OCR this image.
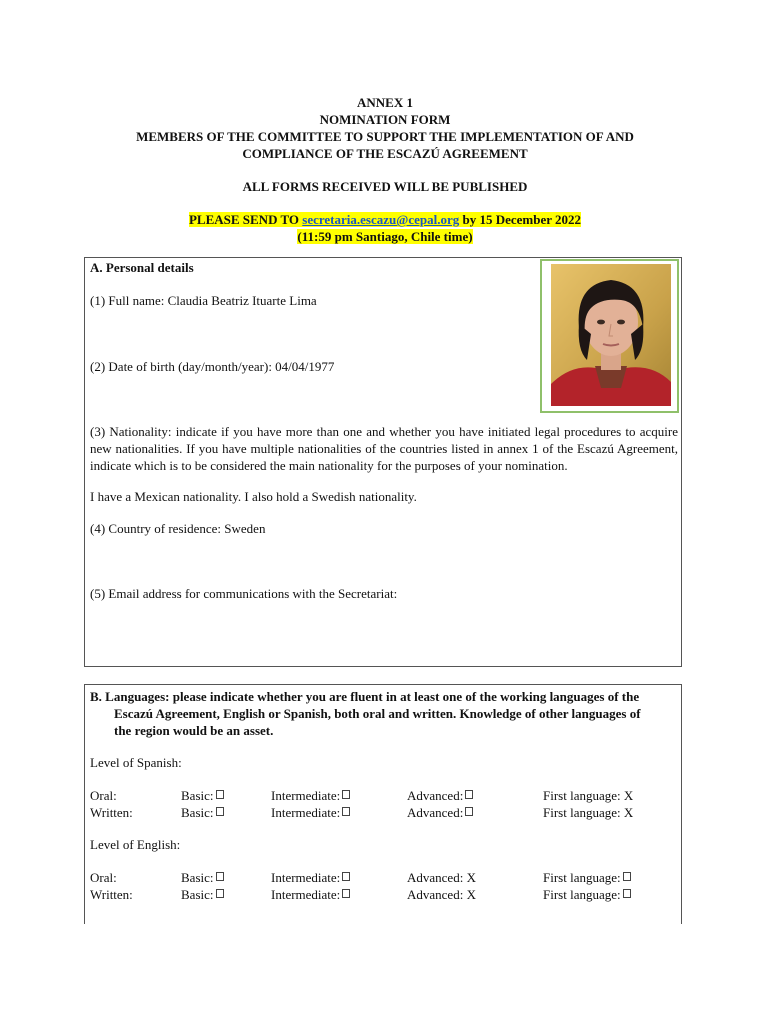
ANNEX 1
NOMINATION FORM
MEMBERS OF THE COMMITTEE TO SUPPORT THE IMPLEMENTATION OF AND
COMPLIANCE OF THE ESCAZÚ AGREEMENT
ALL FORMS RECEIVED WILL BE PUBLISHED
PLEASE SEND TO secretaria.escazu@cepal.org by 15 December 2022
(11:59 pm Santiago, Chile time)
A. Personal details
(1) Full name: Claudia Beatriz Ituarte Lima
(2) Date of birth (day/month/year): 04/04/1977
(3) Nationality: indicate if you have more than one and whether you have initiated legal procedures to acquire new nationalities. If you have multiple nationalities of the countries listed in annex 1 of the Escazú Agreement, indicate which is to be considered the main nationality for the purposes of your nomination.
I have a Mexican nationality. I also hold a Swedish nationality.
(4) Country of residence: Sweden
(5) Email address for communications with the Secretariat:
B. Languages: please indicate whether you are fluent in at least one of the working languages of the
Escazú Agreement, English or Spanish, both oral and written. Knowledge of other languages of
the region would be an asset.
Level of Spanish:
Oral:	Basic:	Intermediate:	Advanced:	First language: X
Written:	Basic:	Intermediate:	Advanced:	First language: X
Level of English:
Oral:	Basic:	Intermediate:	Advanced: X	First language:
Written:	Basic:	Intermediate:	Advanced: X	First language:
